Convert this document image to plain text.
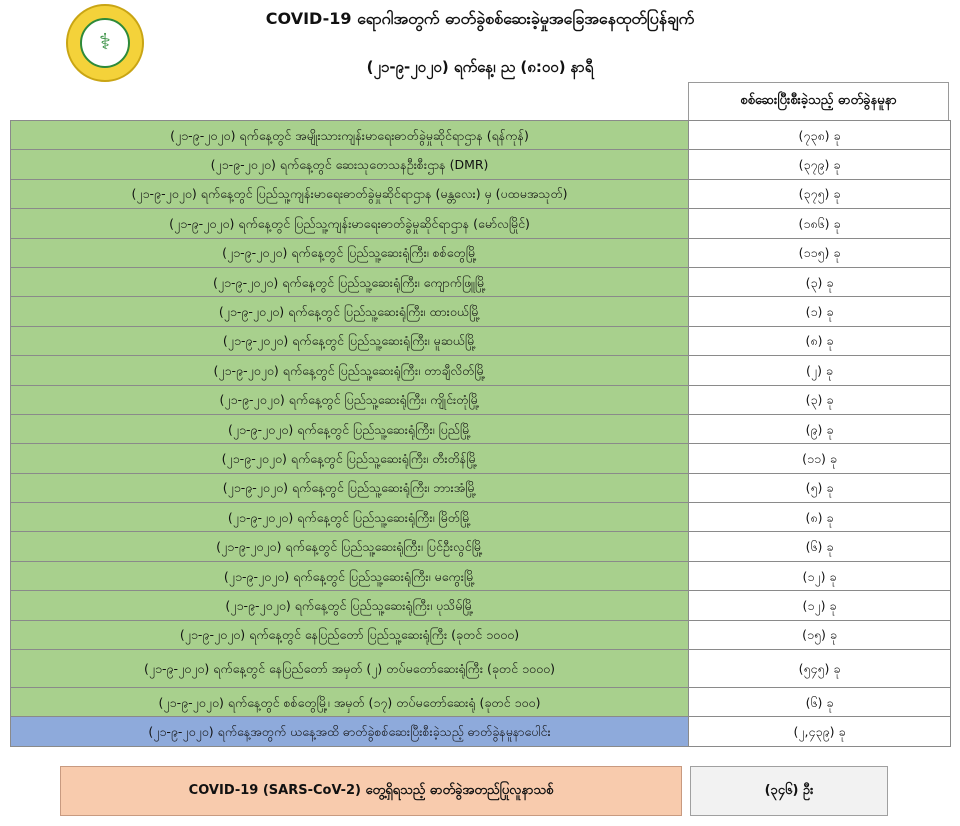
⚕
COVID-19 ရောဂါအတွက် ဓာတ်ခွဲစစ်ဆေးခဲ့မှုအခြေအနေထုတ်ပြန်ချက်
(၂၁-၉-၂၀၂၀) ရက်နေ့၊ ည (၈:၀၀) နာရီ
စစ်ဆေးပြီးစီးခဲ့သည့် ဓာတ်ခွဲနမူနာ
(၂၁-၉-၂၀၂၀) ရက်နေ့တွင် အမျိုးသားကျန်းမာရေးဓာတ်ခွဲမှုဆိုင်ရာဌာန (ရန်ကုန်)	(၇၃၈) ခု
(၂၁-၉-၂၀၂၀) ရက်နေ့တွင် ဆေးသုတေသနဦးစီးဌာန (DMR)	(၃၇၉) ခု
(၂၁-၉-၂၀၂၀) ရက်နေ့တွင် ပြည်သူ့ကျန်းမာရေးဓာတ်ခွဲမှုဆိုင်ရာဌာန (မန္တလေး) မှ (ပထမအသုတ်)	(၃၇၅) ခု
(၂၁-၉-၂၀၂၀) ရက်နေ့တွင် ပြည်သူ့ကျန်းမာရေးဓာတ်ခွဲမှုဆိုင်ရာဌာန (မော်လမြိုင်)	(၁၈၆) ခု
(၂၁-၉-၂၀၂၀) ရက်နေ့တွင် ပြည်သူ့ဆေးရုံကြီး၊ စစ်တွေမြို့	(၁၁၅) ခု
(၂၁-၉-၂၀၂၀) ရက်နေ့တွင် ပြည်သူ့ဆေးရုံကြီး၊ ကျောက်ဖြူမြို့	(၃) ခု
(၂၁-၉-၂၀၂၀) ရက်နေ့တွင် ပြည်သူ့ဆေးရုံကြီး၊ ထားဝယ်မြို့	(၁) ခု
(၂၁-၉-၂၀၂၀) ရက်နေ့တွင် ပြည်သူ့ဆေးရုံကြီး၊ မူဆယ်မြို့	(၈) ခု
(၂၁-၉-၂၀၂၀) ရက်နေ့တွင် ပြည်သူ့ဆေးရုံကြီး၊ တာချီလိတ်မြို့	(၂) ခု
(၂၁-၉-၂၀၂၀) ရက်နေ့တွင် ပြည်သူ့ဆေးရုံကြီး၊ ကျိုင်းတုံမြို့	(၃) ခု
(၂၁-၉-၂၀၂၀) ရက်နေ့တွင် ပြည်သူ့ဆေးရုံကြီး၊ ပြည်မြို့	(၉) ခု
(၂၁-၉-၂၀၂၀) ရက်နေ့တွင် ပြည်သူ့ဆေးရုံကြီး၊ တီးတိန်မြို့	(၁၁) ခု
(၂၁-၉-၂၀၂၀) ရက်နေ့တွင် ပြည်သူ့ဆေးရုံကြီး၊ ဘားအံမြို့	(၅) ခု
(၂၁-၉-၂၀၂၀) ရက်နေ့တွင် ပြည်သူ့ဆေးရုံကြီး၊ မြိတ်မြို့	(၈) ခု
(၂၁-၉-၂၀၂၀) ရက်နေ့တွင် ပြည်သူ့ဆေးရုံကြီး၊ ပြင်ဦးလွင်မြို့	(၆) ခု
(၂၁-၉-၂၀၂၀) ရက်နေ့တွင် ပြည်သူ့ဆေးရုံကြီး၊ မကွေးမြို့	(၁၂) ခု
(၂၁-၉-၂၀၂၀) ရက်နေ့တွင် ပြည်သူ့ဆေးရုံကြီး၊ ပုသိမ်မြို့	(၁၂) ခု
(၂၁-၉-၂၀၂၀) ရက်နေ့တွင် နေပြည်တော် ပြည်သူ့ဆေးရုံကြီး (ခုတင် ၁၀၀၀)	(၁၅) ခု
(၂၁-၉-၂၀၂၀) ရက်နေ့တွင် နေပြည်တော် အမှတ် (၂) တပ်မတော်ဆေးရုံကြီး (ခုတင် ၁၀၀၀)	(၅၄၅) ခု
(၂၁-၉-၂၀၂၀) ရက်နေ့တွင် စစ်တွေမြို့၊ အမှတ် (၁၇) တပ်မတော်ဆေးရုံ (ခုတင် ၁၀၀)	(၆) ခု
(၂၁-၉-၂၀၂၀) ရက်နေ့အတွက် ယနေ့အထိ ဓာတ်ခွဲစစ်ဆေးပြီးစီးခဲ့သည့် ဓာတ်ခွဲနမူနာပေါင်း	(၂,၄၃၉) ခု
COVID-19 (SARS-CoV-2) တွေ့ရှိရသည့် ဓာတ်ခွဲအတည်ပြုလူနာသစ်	(၃၄၆) ဦး
